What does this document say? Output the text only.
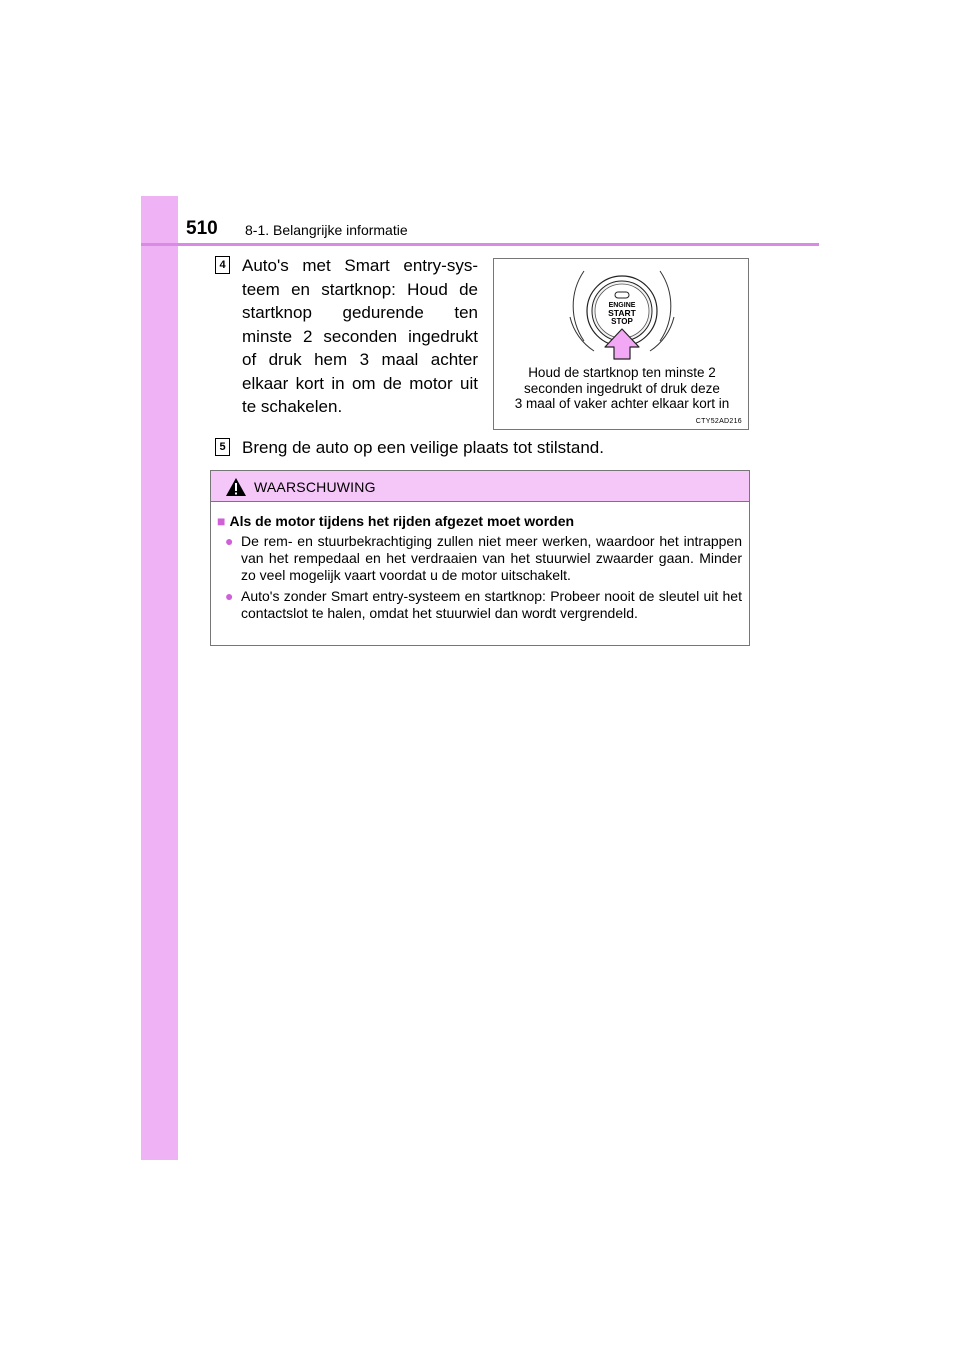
510 8-1. Belangrijke informatie
4 Auto's met Smart entry-sys-teem en startknop: Houd de startknop gedurende ten minste 2 seconden ingedrukt of druk hem 3 maal achter elkaar kort in om de motor uit te schakelen.
ENGINE
START
STOP
Houd de startknop ten minste 2
seconden ingedrukt of druk deze
3 maal of vaker achter elkaar kort in
CTY52AD216
5 Breng de auto op een veilige plaats tot stilstand.
WAARSCHUWING
■ Als de motor tijdens het rijden afgezet moet worden
● De rem- en stuurbekrachtiging zullen niet meer werken, waardoor het intrappen van het rempedaal en het verdraaien van het stuurwiel zwaarder gaan. Minder zo veel mogelijk vaart voordat u de motor uitschakelt.
● Auto's zonder Smart entry-systeem en startknop: Probeer nooit de sleutel uit het contactslot te halen, omdat het stuurwiel dan wordt vergrendeld.
